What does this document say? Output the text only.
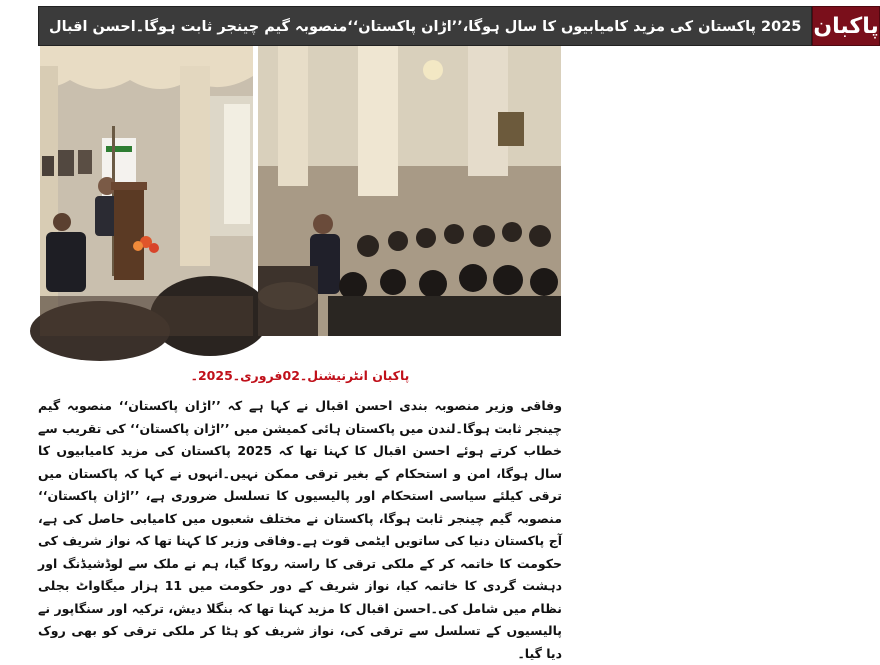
2025 پاکستان کی مزید کامیابیوں کا سال ہوگا،’’اڑان پاکستان‘‘منصوبہ گیم چینجر ثابت ہوگا۔احسن اقبال پاکبان
پاکبان انٹرنیشنل۔02فروری۔2025۔
وفاقی وزیر منصوبہ بندی احسن اقبال نے کہا ہے کہ ’’اڑان پاکستان‘‘ منصوبہ گیم چینجر ثابت ہوگا۔لندن میں پاکستان ہائی کمیشن میں ’’اڑان پاکستان‘‘ کی تقریب سے خطاب کرتے ہوئے احسن اقبال کا کہنا تھا کہ 2025 پاکستان کی مزید کامیابیوں کا سال ہوگا، امن و استحکام کے بغیر ترقی ممکن نہیں۔انہوں نے کہا کہ پاکستان میں ترقی کیلئے سیاسی استحکام اور پالیسیوں کا تسلسل ضروری ہے، ’’اڑان پاکستان‘‘ منصوبہ گیم چینجر ثابت ہوگا، پاکستان نے مختلف شعبوں میں کامیابی حاصل کی ہے، آج پاکستان دنیا کی ساتویں ایٹمی قوت ہے۔وفاقی وزیر کا کہنا تھا کہ نواز شریف کی حکومت کا خاتمہ کر کے ملکی ترقی کا راستہ روکا گیا، ہم نے ملک سے لوڈشیڈنگ اور دہشت گردی کا خاتمہ کیا، نواز شریف کے دور حکومت میں 11 ہزار میگاواٹ بجلی نظام میں شامل کی۔احسن اقبال کا مزید کہنا تھا کہ بنگلا دیش، ترکیہ اور سنگاپور نے پالیسیوں کے تسلسل سے ترقی کی، نواز شریف کو ہٹا کر ملکی ترقی کو بھی روک دیا گیا۔
